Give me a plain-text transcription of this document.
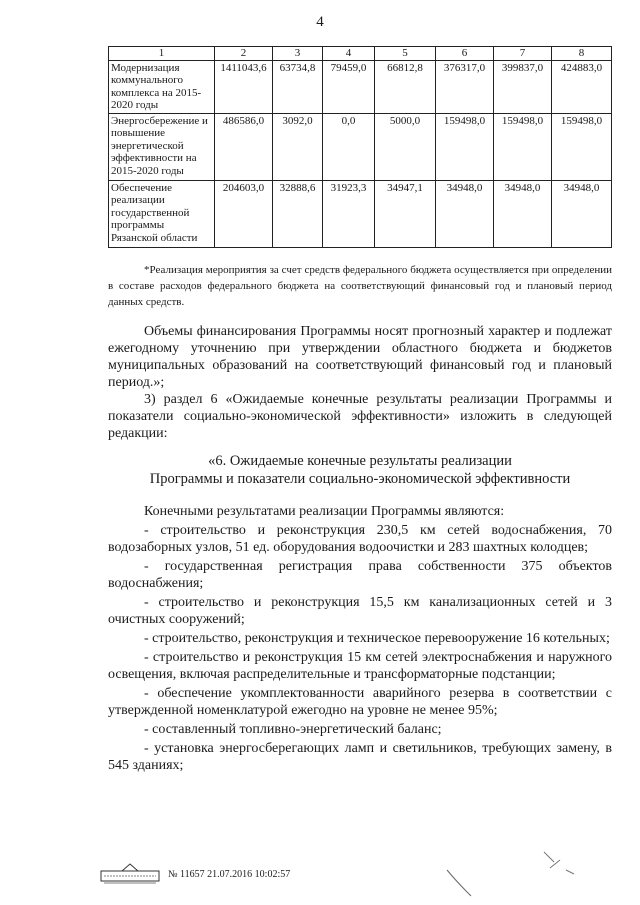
4
1	2	3	4	5	6	7	8
Модернизация коммунального комплекса на 2015-2020 годы	1411043,6	63734,8	79459,0	66812,8	376317,0	399837,0	424883,0
Энергосбережение и повышение энергетической эффективности на 2015-2020 годы	486586,0	3092,0	0,0	5000,0	159498,0	159498,0	159498,0
Обеспечение реализации государственной программы Рязанской области	204603,0	32888,6	31923,3	34947,1	34948,0	34948,0	34948,0
*Реализация мероприятия за счет средств федерального бюджета осуществляется при определении в составе расходов федерального бюджета на соответствующий финансовый год и плановый период данных средств.
Объемы финансирования Программы носят прогнозный характер и подлежат ежегодному уточнению при утверждении областного бюджета и бюджетов муниципальных образований на соответствующий финансовый год и плановый период.»;
3) раздел 6 «Ожидаемые конечные результаты реализации Программы и показатели социально-экономической эффективности» изложить в следующей редакции:
«6. Ожидаемые конечные результаты реализации
Программы и показатели социально-экономической эффективности
Конечными результатами реализации Программы являются:
- строительство и реконструкция 230,5 км сетей водоснабжения, 70 водозаборных узлов, 51 ед. оборудования водоочистки и 283 шахтных колодцев;
- государственная регистрация права собственности 375 объектов водоснабжения;
- строительство и реконструкция 15,5 км канализационных сетей и 3 очистных сооружений;
- строительство, реконструкция и техническое перевооружение 16 котельных;
- строительство и реконструкция 15 км сетей электроснабжения и наружного освещения, включая распределительные и трансформаторные подстанции;
- обеспечение укомплектованности аварийного резерва в соответствии с утвержденной номенклатурой ежегодно на уровне не менее 95%;
- составленный топливно-энергетический баланс;
- установка энергосберегающих ламп и светильников, требующих замену, в 545 зданиях;
№ 11657 21.07.2016 10:02:57
